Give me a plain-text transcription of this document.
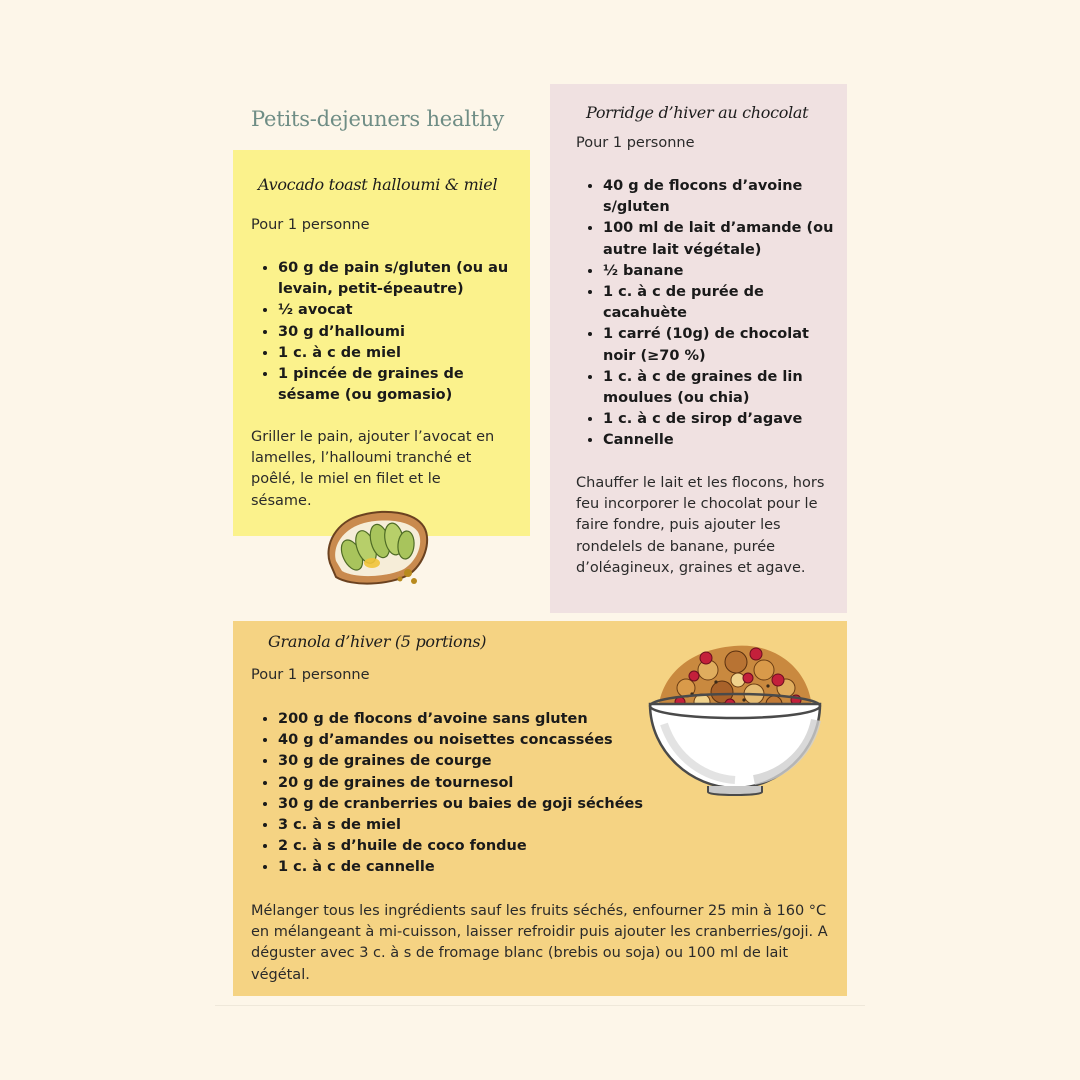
Petits-dejeuners healthy
Avocado toast halloumi & miel
Pour 1 personne
• 60 g de pain s/gluten (ou au levain, petit-épeautre)
• ½ avocat
• 30 g d’halloumi
• 1 c. à c de miel
• 1 pincée de graines de sésame (ou gomasio)

Griller le pain, ajouter l’avocat en lamelles, l’halloumi tranché et poêlé, le miel en filet et le sésame.

Porridge d’hiver au chocolat
Pour 1 personne
• 40 g de flocons d’avoine s/gluten
• 100 ml de lait d’amande (ou autre lait végétale)
• ½ banane
• 1 c. à c de purée de cacahuète
• 1 carré (10g) de chocolat noir (≥70 %)
• 1 c. à c de graines de lin moulues (ou chia)
• 1 c. à c de sirop d’agave
• Cannelle

Chauffer le lait et les flocons, hors feu incorporer le chocolat pour le faire fondre, puis ajouter les rondelels de banane, purée d’oléagineux, graines et agave.

Granola d’hiver (5 portions)
Pour 1 personne
• 200 g de flocons d’avoine sans gluten
• 40 g d’amandes ou noisettes concassées
• 30 g de graines de courge
• 20 g de graines de tournesol
• 30 g de cranberries ou baies de goji séchées
• 3 c. à s de miel
• 2 c. à s d’huile de coco fondue
• 1 c. à c de cannelle

Mélanger tous les ingrédients sauf les fruits séchés, enfourner 25 min à 160 °C en mélangeant à mi-cuisson, laisser refroidir puis ajouter les cranberries/goji. A déguster avec 3 c. à s de fromage blanc (brebis ou soja) ou 100 ml de lait végétal.
